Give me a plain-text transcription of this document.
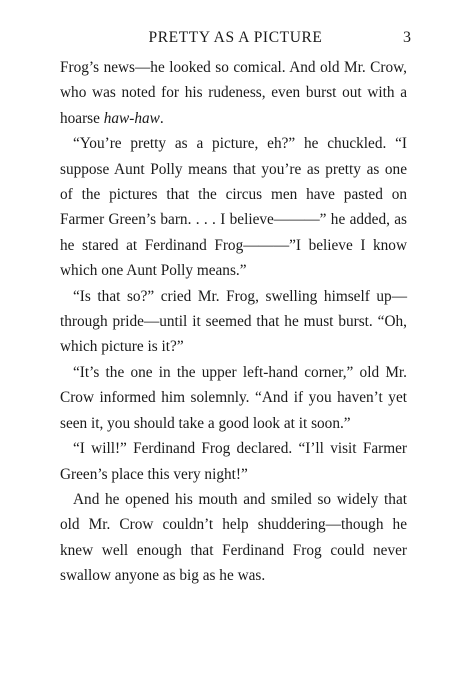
PRETTY AS A PICTURE	3

Frog’s news—he looked so comical. And old Mr. Crow, who was noted for his rudeness, even burst out with a hoarse haw-haw.

“You’re pretty as a picture, eh?” he chuckled. “I suppose Aunt Polly means that you’re as pretty as one of the pictures that the circus men have pasted on Farmer Green’s barn. . . . I believe———” he added, as he stared at Ferdinand Frog———”I believe I know which one Aunt Polly means.”

“Is that so?” cried Mr. Frog, swelling himself up—through pride—until it seemed that he must burst. “Oh, which picture is it?”

“It’s the one in the upper left-hand corner,” old Mr. Crow informed him solemnly. “And if you haven’t yet seen it, you should take a good look at it soon.”

“I will!” Ferdinand Frog declared. “I’ll visit Farmer Green’s place this very night!”

And he opened his mouth and smiled so widely that old Mr. Crow couldn’t help shuddering—though he knew well enough that Ferdinand Frog could never swallow anyone as big as he was.
